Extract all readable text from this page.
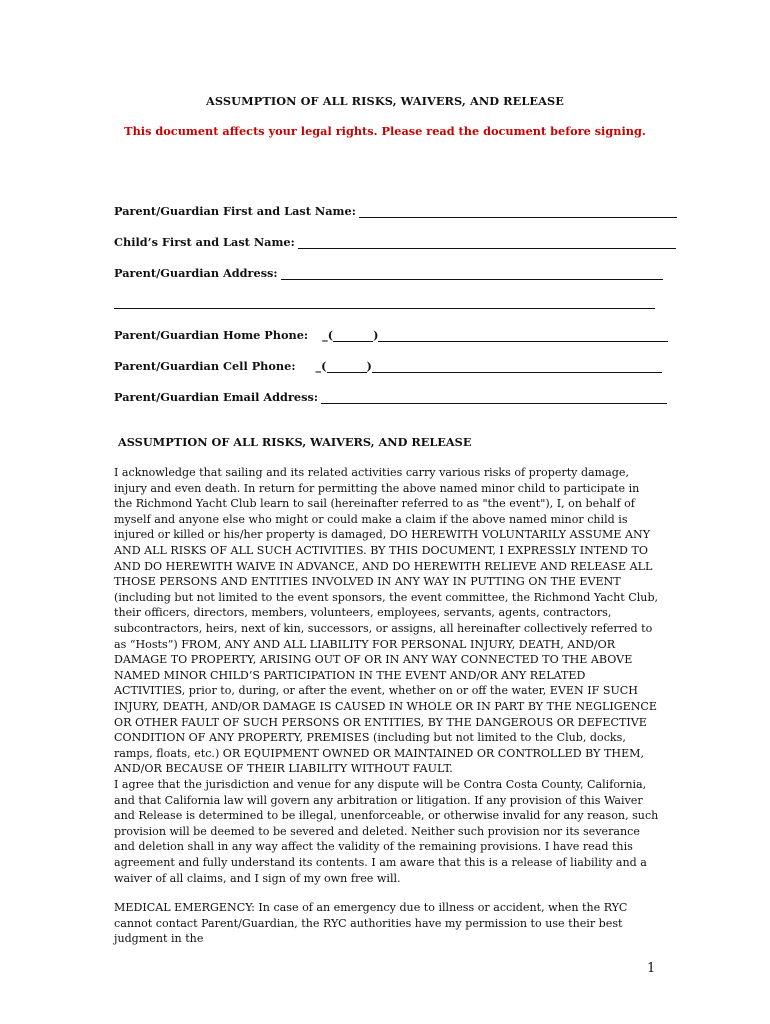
ASSUMPTION OF ALL RISKS, WAIVERS, AND RELEASE
This document affects your legal rights. Please read the document before signing.
Parent/Guardian First and Last Name:
Child’s First and Last Name:
Parent/Guardian Address:
Parent/Guardian Home Phone: _(	)
Parent/Guardian Cell Phone: _(	)
Parent/Guardian Email Address:
ASSUMPTION OF ALL RISKS, WAIVERS, AND RELEASE
I acknowledge that sailing and its related activities carry various risks of property damage, injury and even death. In return for permitting the above named minor child to participate in the Richmond Yacht Club learn to sail (hereinafter referred to as "the event"), I, on behalf of myself and anyone else who might or could make a claim if the above named minor child is injured or killed or his/her property is damaged, DO HEREWITH VOLUNTARILY ASSUME ANY AND ALL RISKS OF ALL SUCH ACTIVITIES. BY THIS DOCUMENT, I EXPRESSLY INTEND TO AND DO HEREWITH WAIVE IN ADVANCE, AND DO HEREWITH RELIEVE AND RELEASE ALL THOSE PERSONS AND ENTITIES INVOLVED IN ANY WAY IN PUTTING ON THE EVENT (including but not limited to the event sponsors, the event committee, the Richmond Yacht Club, their officers, directors, members, volunteers, employees, servants, agents, contractors, subcontractors, heirs, next of kin, successors, or assigns, all hereinafter collectively referred to as “Hosts”) FROM, ANY AND ALL LIABILITY FOR PERSONAL INJURY, DEATH, AND/OR DAMAGE TO PROPERTY, ARISING OUT OF OR IN ANY WAY CONNECTED TO THE ABOVE NAMED MINOR CHILD’S PARTICIPATION IN THE EVENT AND/OR ANY RELATED ACTIVITIES, prior to, during, or after the event, whether on or off the water, EVEN IF SUCH INJURY, DEATH, AND/OR DAMAGE IS CAUSED IN WHOLE OR IN PART BY THE NEGLIGENCE OR OTHER FAULT OF SUCH PERSONS OR ENTITIES, BY THE DANGEROUS OR DEFECTIVE CONDITION OF ANY PROPERTY, PREMISES (including but not limited to the Club, docks, ramps, floats, etc.) OR EQUIPMENT OWNED OR MAINTAINED OR CONTROLLED BY THEM, AND/OR BECAUSE OF THEIR LIABILITY WITHOUT FAULT.
I agree that the jurisdiction and venue for any dispute will be Contra Costa County, California, and that California law will govern any arbitration or litigation. If any provision of this Waiver and Release is determined to be illegal, unenforceable, or otherwise invalid for any reason, such provision will be deemed to be severed and deleted. Neither such provision nor its severance and deletion shall in any way affect the validity of the remaining provisions. I have read this agreement and fully understand its contents. I am aware that this is a release of liability and a waiver of all claims, and I sign of my own free will.
MEDICAL EMERGENCY: In case of an emergency due to illness or accident, when the RYC cannot contact Parent/Guardian, the RYC authorities have my permission to use their best judgment in the
1
